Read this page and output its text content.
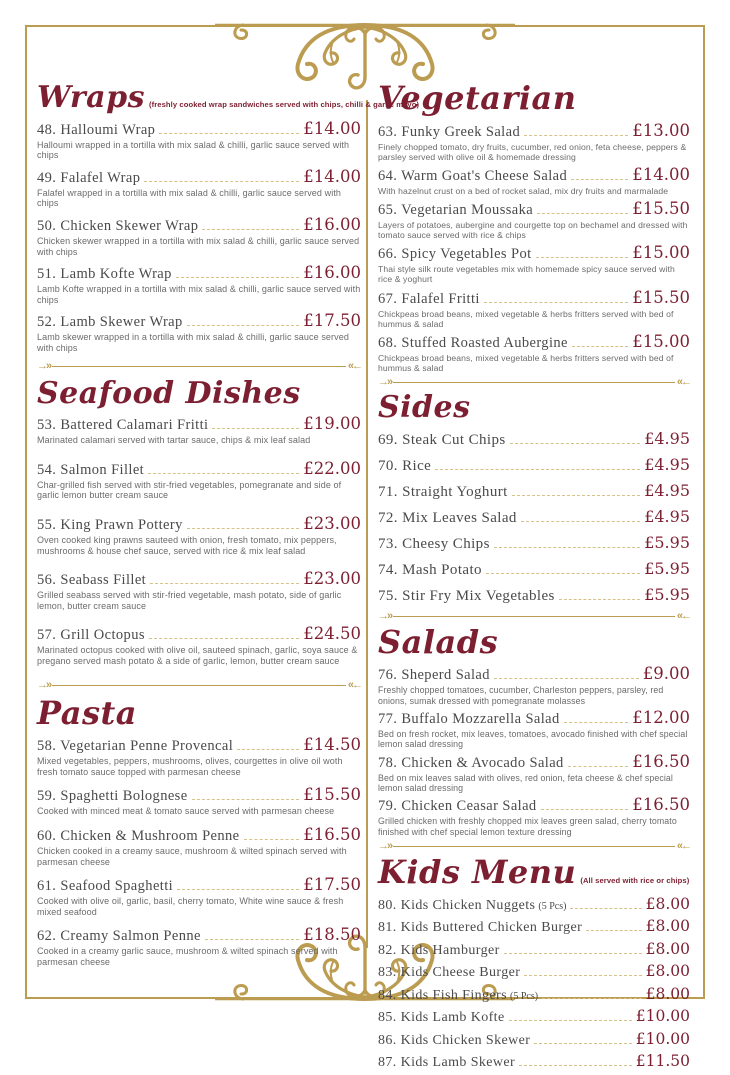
Wraps (freshly cooked wrap sandwiches served with chips, chilli & garlic mayo)
48. Halloumi Wrap	£14.00
Halloumi wrapped in a tortilla with mix salad & chilli, garlic sauce served with chips
49. Falafel Wrap	£14.00
Falafel wrapped in a tortilla with mix salad & chilli, garlic sauce served with chips
50. Chicken Skewer Wrap	£16.00
Chicken skewer wrapped in a tortilla with mix salad & chilli, garlic sauce served with chips
51. Lamb Kofte Wrap	£16.00
Lamb Kofte wrapped in a tortilla with mix salad & chilli, garlic sauce served with chips
52. Lamb Skewer Wrap	£17.50
Lamb skewer wrapped in a tortilla with mix salad & chilli, garlic sauce served with chips
→»	«←
Seafood Dishes
53. Battered Calamari Fritti	£19.00
Marinated calamari served with tartar sauce, chips & mix leaf salad
54. Salmon Fillet	£22.00
Char-grilled fish served with stir-fried vegetables, pomegranate and side of garlic lemon butter cream sauce
55. King Prawn Pottery	£23.00
Oven cooked king prawns sauteed with onion, fresh tomato, mix peppers, mushrooms & house chef sauce, served with rice & mix leaf salad
56. Seabass Fillet	£23.00
Grilled seabass served with stir-fried vegetable, mash potato, side of garlic lemon, butter cream sauce
57. Grill Octopus	£24.50
Marinated octopus cooked with olive oil, sauteed spinach, garlic, soya sauce & pregano served mash potato & a side of garlic, lemon, butter cream sauce
→»	«←
Pasta
58. Vegetarian Penne Provencal	£14.50
Mixed vegetables, peppers, mushrooms, olives, courgettes in olive oil woth fresh tomato sauce topped with parmesan cheese
59. Spaghetti Bolognese	£15.50
Cooked with minced meat & tomato sauce served with parmesan cheese
60. Chicken & Mushroom Penne	£16.50
Chicken cooked in a creamy sauce, mushroom & wilted spinach served with parmesan cheese
61. Seafood Spaghetti	£17.50
Cooked with olive oil, garlic, basil, cherry tomato, White wine sauce & fresh mixed seafood
62. Creamy Salmon Penne	£18.50
Cooked in a creamy garlic sauce, mushroom & wilted spinach served with parmesan cheese
Vegetarian
63. Funky Greek Salad	£13.00
Finely chopped tomato, dry fruits, cucumber, red onion, feta cheese, peppers & parsley served with olive oil & homemade dressing
64. Warm Goat's Cheese Salad	£14.00
With hazelnut crust on a bed of rocket salad, mix dry fruits and marmalade
65. Vegetarian Moussaka	£15.50
Layers of potatoes, aubergine and courgette top on bechamel and dressed with tomato sauce served with rice & chips
66. Spicy Vegetables Pot	£15.00
Thai style silk route vegetables mix with homemade spicy sauce served with rice & yoghurt
67. Falafel Fritti	£15.50
Chickpeas broad beans, mixed vegetable & herbs fritters served with bed of hummus & salad
68. Stuffed Roasted Aubergine	£15.00
Chickpeas broad beans, mixed vegetable & herbs fritters served with bed of hummus & salad
→»	«←
Sides
69. Steak Cut Chips	£4.95
70. Rice	£4.95
71. Straight Yoghurt	£4.95
72. Mix Leaves Salad	£4.95
73. Cheesy Chips	£5.95
74. Mash Potato	£5.95
75. Stir Fry Mix Vegetables	£5.95
→»	«←
Salads
76. Sheperd Salad	£9.00
Freshly chopped tomatoes, cucumber, Charleston peppers, parsley, red onions, sumak dressed with pomegranate molasses
77. Buffalo Mozzarella Salad	£12.00
Bed on fresh rocket, mix leaves, tomatoes, avocado finished with chef special lemon salad dressing
78. Chicken & Avocado Salad	£16.50
Bed on mix leaves salad with olives, red onion, feta cheese & chef special lemon salad dressing
79. Chicken Ceasar Salad	£16.50
Grilled chicken with freshly chopped mix leaves green salad, cherry tomato finished with chef special lemon texture dressing
→»	«←
Kids Menu (All served with rice or chips)
80. Kids Chicken Nuggets (5 Pcs)	£8.00
81. Kids Buttered Chicken Burger	£8.00
82. Kids Hamburger	£8.00
83. Kids Cheese Burger	£8.00
84. Kids Fish Fingers (5 Pcs)	£8.00
85. Kids Lamb Kofte	£10.00
86. Kids Chicken Skewer	£10.00
87. Kids Lamb Skewer	£11.50
